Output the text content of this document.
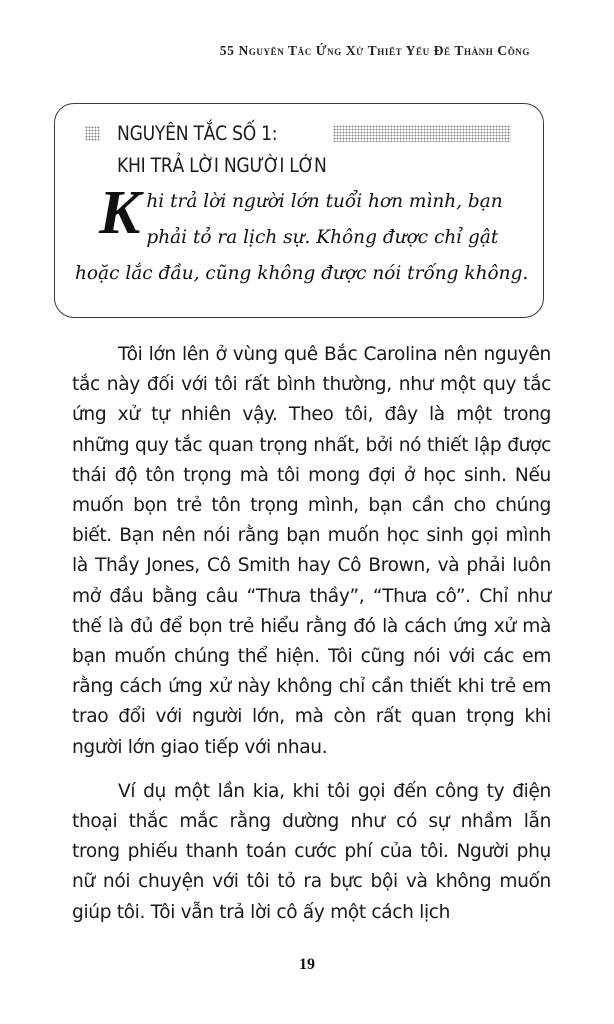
55 Nguyên Tắc Ứng Xử Thiết Yếu Để Thành Công
NGUYÊN TẮC SỐ 1:
KHI TRẢ LỜI NGƯỜI LỚN
Khi trả lời người lớn tuổi hơn mình, bạn phải tỏ ra lịch sự. Không được chỉ gật hoặc lắc đầu, cũng không được nói trống không.

Tôi lớn lên ở vùng quê Bắc Carolina nên nguyên tắc này đối với tôi rất bình thường, như một quy tắc ứng xử tự nhiên vậy. Theo tôi, đây là một trong những quy tắc quan trọng nhất, bởi nó thiết lập được thái độ tôn trọng mà tôi mong đợi ở học sinh. Nếu muốn bọn trẻ tôn trọng mình, bạn cần cho chúng biết. Bạn nên nói rằng bạn muốn học sinh gọi mình là Thầy Jones, Cô Smith hay Cô Brown, và phải luôn mở đầu bằng câu “Thưa thầy”, “Thưa cô”. Chỉ như thế là đủ để bọn trẻ hiểu rằng đó là cách ứng xử mà bạn muốn chúng thể hiện. Tôi cũng nói với các em rằng cách ứng xử này không chỉ cần thiết khi trẻ em trao đổi với người lớn, mà còn rất quan trọng khi người lớn giao tiếp với nhau.

Ví dụ một lần kia, khi tôi gọi đến công ty điện thoại thắc mắc rằng dường như có sự nhầm lẫn trong phiếu thanh toán cước phí của tôi. Người phụ nữ nói chuyện với tôi tỏ ra bực bội và không muốn giúp tôi. Tôi vẫn trả lời cô ấy một cách lịch

19
